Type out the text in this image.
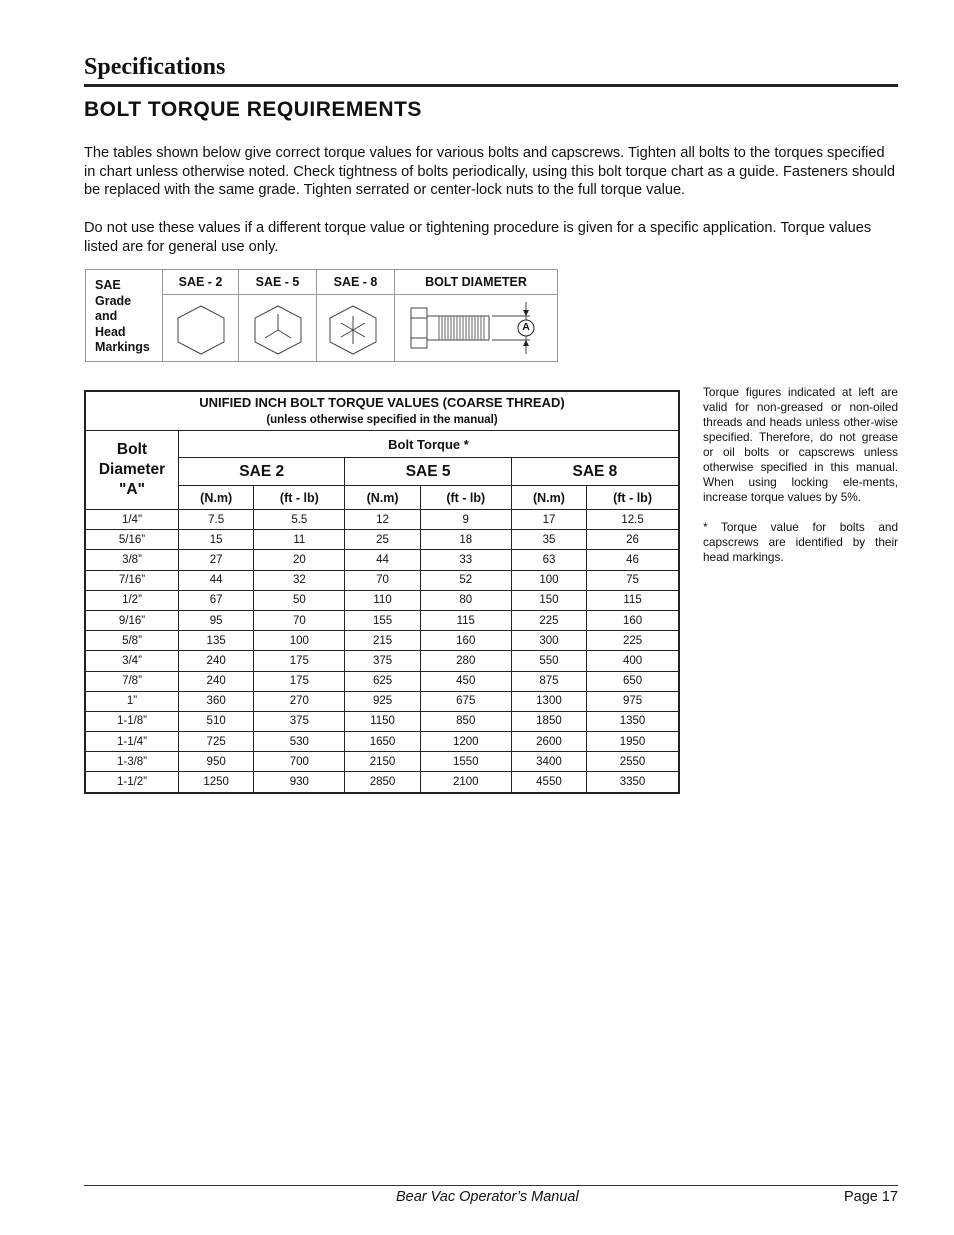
Specifications
BOLT TORQUE REQUIREMENTS
The tables shown below give correct torque values for various bolts and capscrews. Tighten all bolts to the torques specified in chart unless otherwise noted. Check tightness of bolts periodically, using this bolt torque chart as a guide. Fasteners should be replaced with the same grade. Tighten serrated or center-lock nuts to the full torque value.
Do not use these values if a different torque value or tightening procedure is given for a specific application. Torque values listed are for general use only.
SAE
Grade
and
Head
Markings
SAE - 2	SAE - 5	SAE - 8	BOLT DIAMETER
A
UNIFIED INCH BOLT TORQUE VALUES (COARSE THREAD)
(unless otherwise specified in the manual)						

Bolt
Diameter
"A"	Bolt Torque *					
	SAE 2		SAE 5		SAE 8	
	(N.m)	(ft - lb)	(N.m)	(ft - lb)	(N.m)	(ft - lb)
1/4"	7.5	5.5	12	9	17	12.5
5/16”	15	11	25	18	35	26
3/8”	27	20	44	33	63	46
7/16”	44	32	70	52	100	75
1/2”	67	50	110	80	150	115
9/16”	95	70	155	115	225	160
5/8”	135	100	215	160	300	225
3/4”	240	175	375	280	550	400
7/8”	240	175	625	450	875	650
1”	360	270	925	675	1300	975
1-1/8”	510	375	1150	850	1850	1350
1-1/4”	725	530	1650	1200	2600	1950
1-3/8”	950	700	2150	1550	3400	2550
1-1/2”	1250	930	2850	2100	4550	3350

Torque figures indicated at left are valid for non-greased or non-oiled threads and heads unless other-wise specified. Therefore, do not grease or oil bolts or capscrews unless otherwise specified in this manual. When using locking ele-ments, increase torque values by 5%.

* Torque value for bolts and capscrews are identified by their head markings.

Bear Vac Operator’s Manual	Page 17
